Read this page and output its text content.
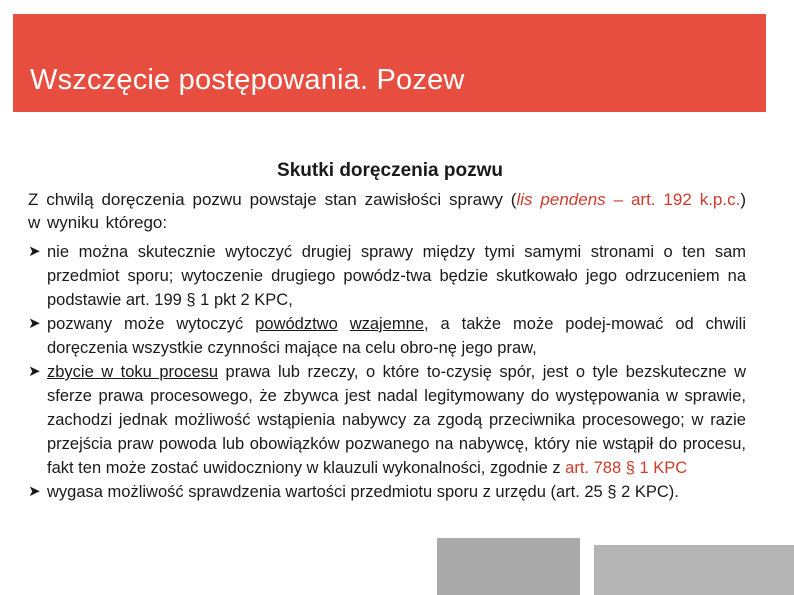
Wszczęcie postępowania. Pozew
Skutki doręczenia pozwu

Z chwilą doręczenia pozwu powstaje stan zawisłości sprawy (lis pendens – art. 192 k.p.c.) w wyniku którego:

➤ nie można skutecznie wytoczyć drugiej sprawy między tymi samymi stronami o ten sam przedmiot sporu; wytoczenie drugiego powódz-twa będzie skutkowało jego odrzuceniem na podstawie art. 199 § 1 pkt 2 KPC,
➤ pozwany może wytoczyć powództwo wzajemne, a także może podej-mować od chwili doręczenia wszystkie czynności mające na celu obro-nę jego praw,
➤ zbycie w toku procesu prawa lub rzeczy, o które to-czysię spór, jest o tyle bezskuteczne w sferze prawa procesowego, że zbywca jest nadal legitymowany do występowania w sprawie, zachodzi jednak możliwość wstąpienia nabywcy za zgodą przeciwnika procesowego; w razie przejścia praw powoda lub obowiązków pozwanego na nabywcę, który nie wstąpił do procesu, fakt ten może zostać uwidoczniony w klauzuli wykonalności, zgodnie z art. 788 § 1 KPC
➤ wygasa możliwość sprawdzenia wartości przedmiotu sporu z urzędu (art. 25 § 2 KPC).
